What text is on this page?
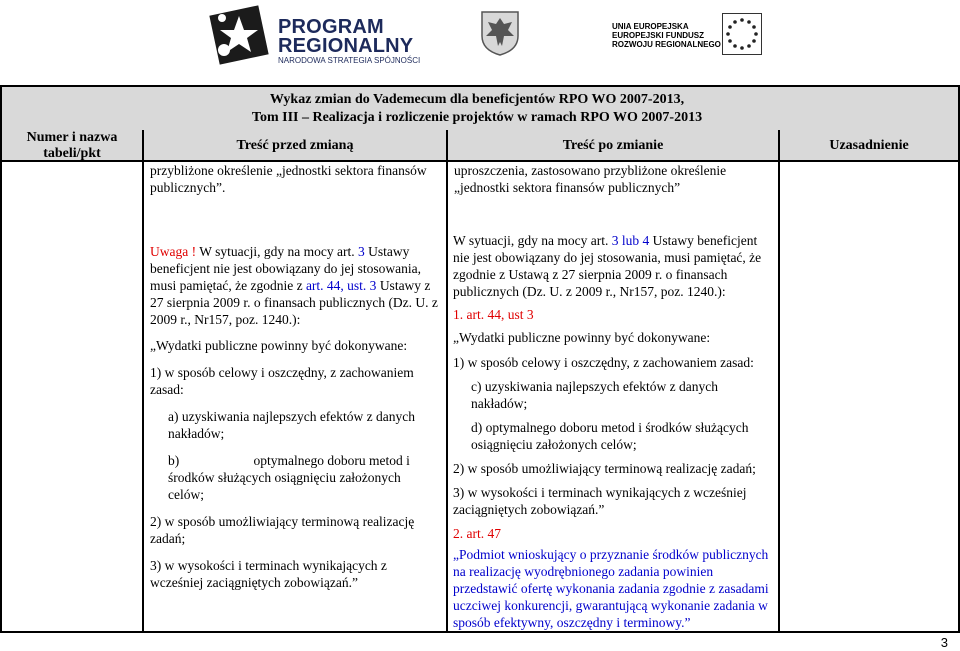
PROGRAM
REGIONALNY
NARODOWA STRATEGIA SPÓJNOŚCI
UNIA EUROPEJSKA
EUROPEJSKI FUNDUSZ
ROZWOJU REGIONALNEGO
Wykaz zmian do Vademecum dla beneficjentów RPO WO 2007-2013,
Tom III – Realizacja i rozliczenie projektów w ramach RPO WO 2007-2013
Numer i nazwa tabeli/pkt
Treść przed zmianą	Treść po zmianie	Uzasadnienie
przybliżone określenie „jednostki sektora finansów publicznych”.
uproszczenia, zastosowano przybliżone określenie „jednostki sektora finansów publicznych”

Uwaga ! W sytuacji, gdy na mocy art. 3 Ustawy beneficjent nie jest obowiązany do jej stosowania, musi pamiętać, że zgodnie z art. 44, ust. 3 Ustawy z 27 sierpnia 2009 r. o finansach publicznych (Dz. U. z 2009 r., Nr157, poz. 1240.):

„Wydatki publiczne powinny być dokonywane:

1) w sposób celowy i oszczędny, z zachowaniem zasad:

a) uzyskiwania najlepszych efektów z danych nakładów;

b)                      optymalnego doboru metod i środków służących osiągnięciu założonych celów;

2) w sposób umożliwiający terminową realizację zadań;

3) w wysokości i terminach wynikających z wcześniej zaciągniętych zobowiązań.”

W sytuacji, gdy na mocy art. 3 lub 4 Ustawy beneficjent nie jest obowiązany do jej stosowania, musi pamiętać, że zgodnie z Ustawą z 27 sierpnia 2009 r. o finansach publicznych (Dz. U. z 2009 r., Nr157, poz. 1240.):

1. art. 44, ust 3

„Wydatki publiczne powinny być dokonywane:

1) w sposób celowy i oszczędny, z zachowaniem zasad:

c) uzyskiwania najlepszych efektów z danych nakładów;

d) optymalnego doboru metod i środków służących osiągnięciu założonych celów;

2) w sposób umożliwiający terminową realizację zadań;

3) w wysokości i terminach wynikających z wcześniej zaciągniętych zobowiązań.”

2. art. 47

„Podmiot wnioskujący o przyznanie środków publicznych na realizację wyodrębnionego zadania powinien przedstawić ofertę wykonania zadania zgodnie z zasadami uczciwej konkurencji, gwarantującą wykonanie zadania w sposób efektywny, oszczędny i terminowy.”

3
